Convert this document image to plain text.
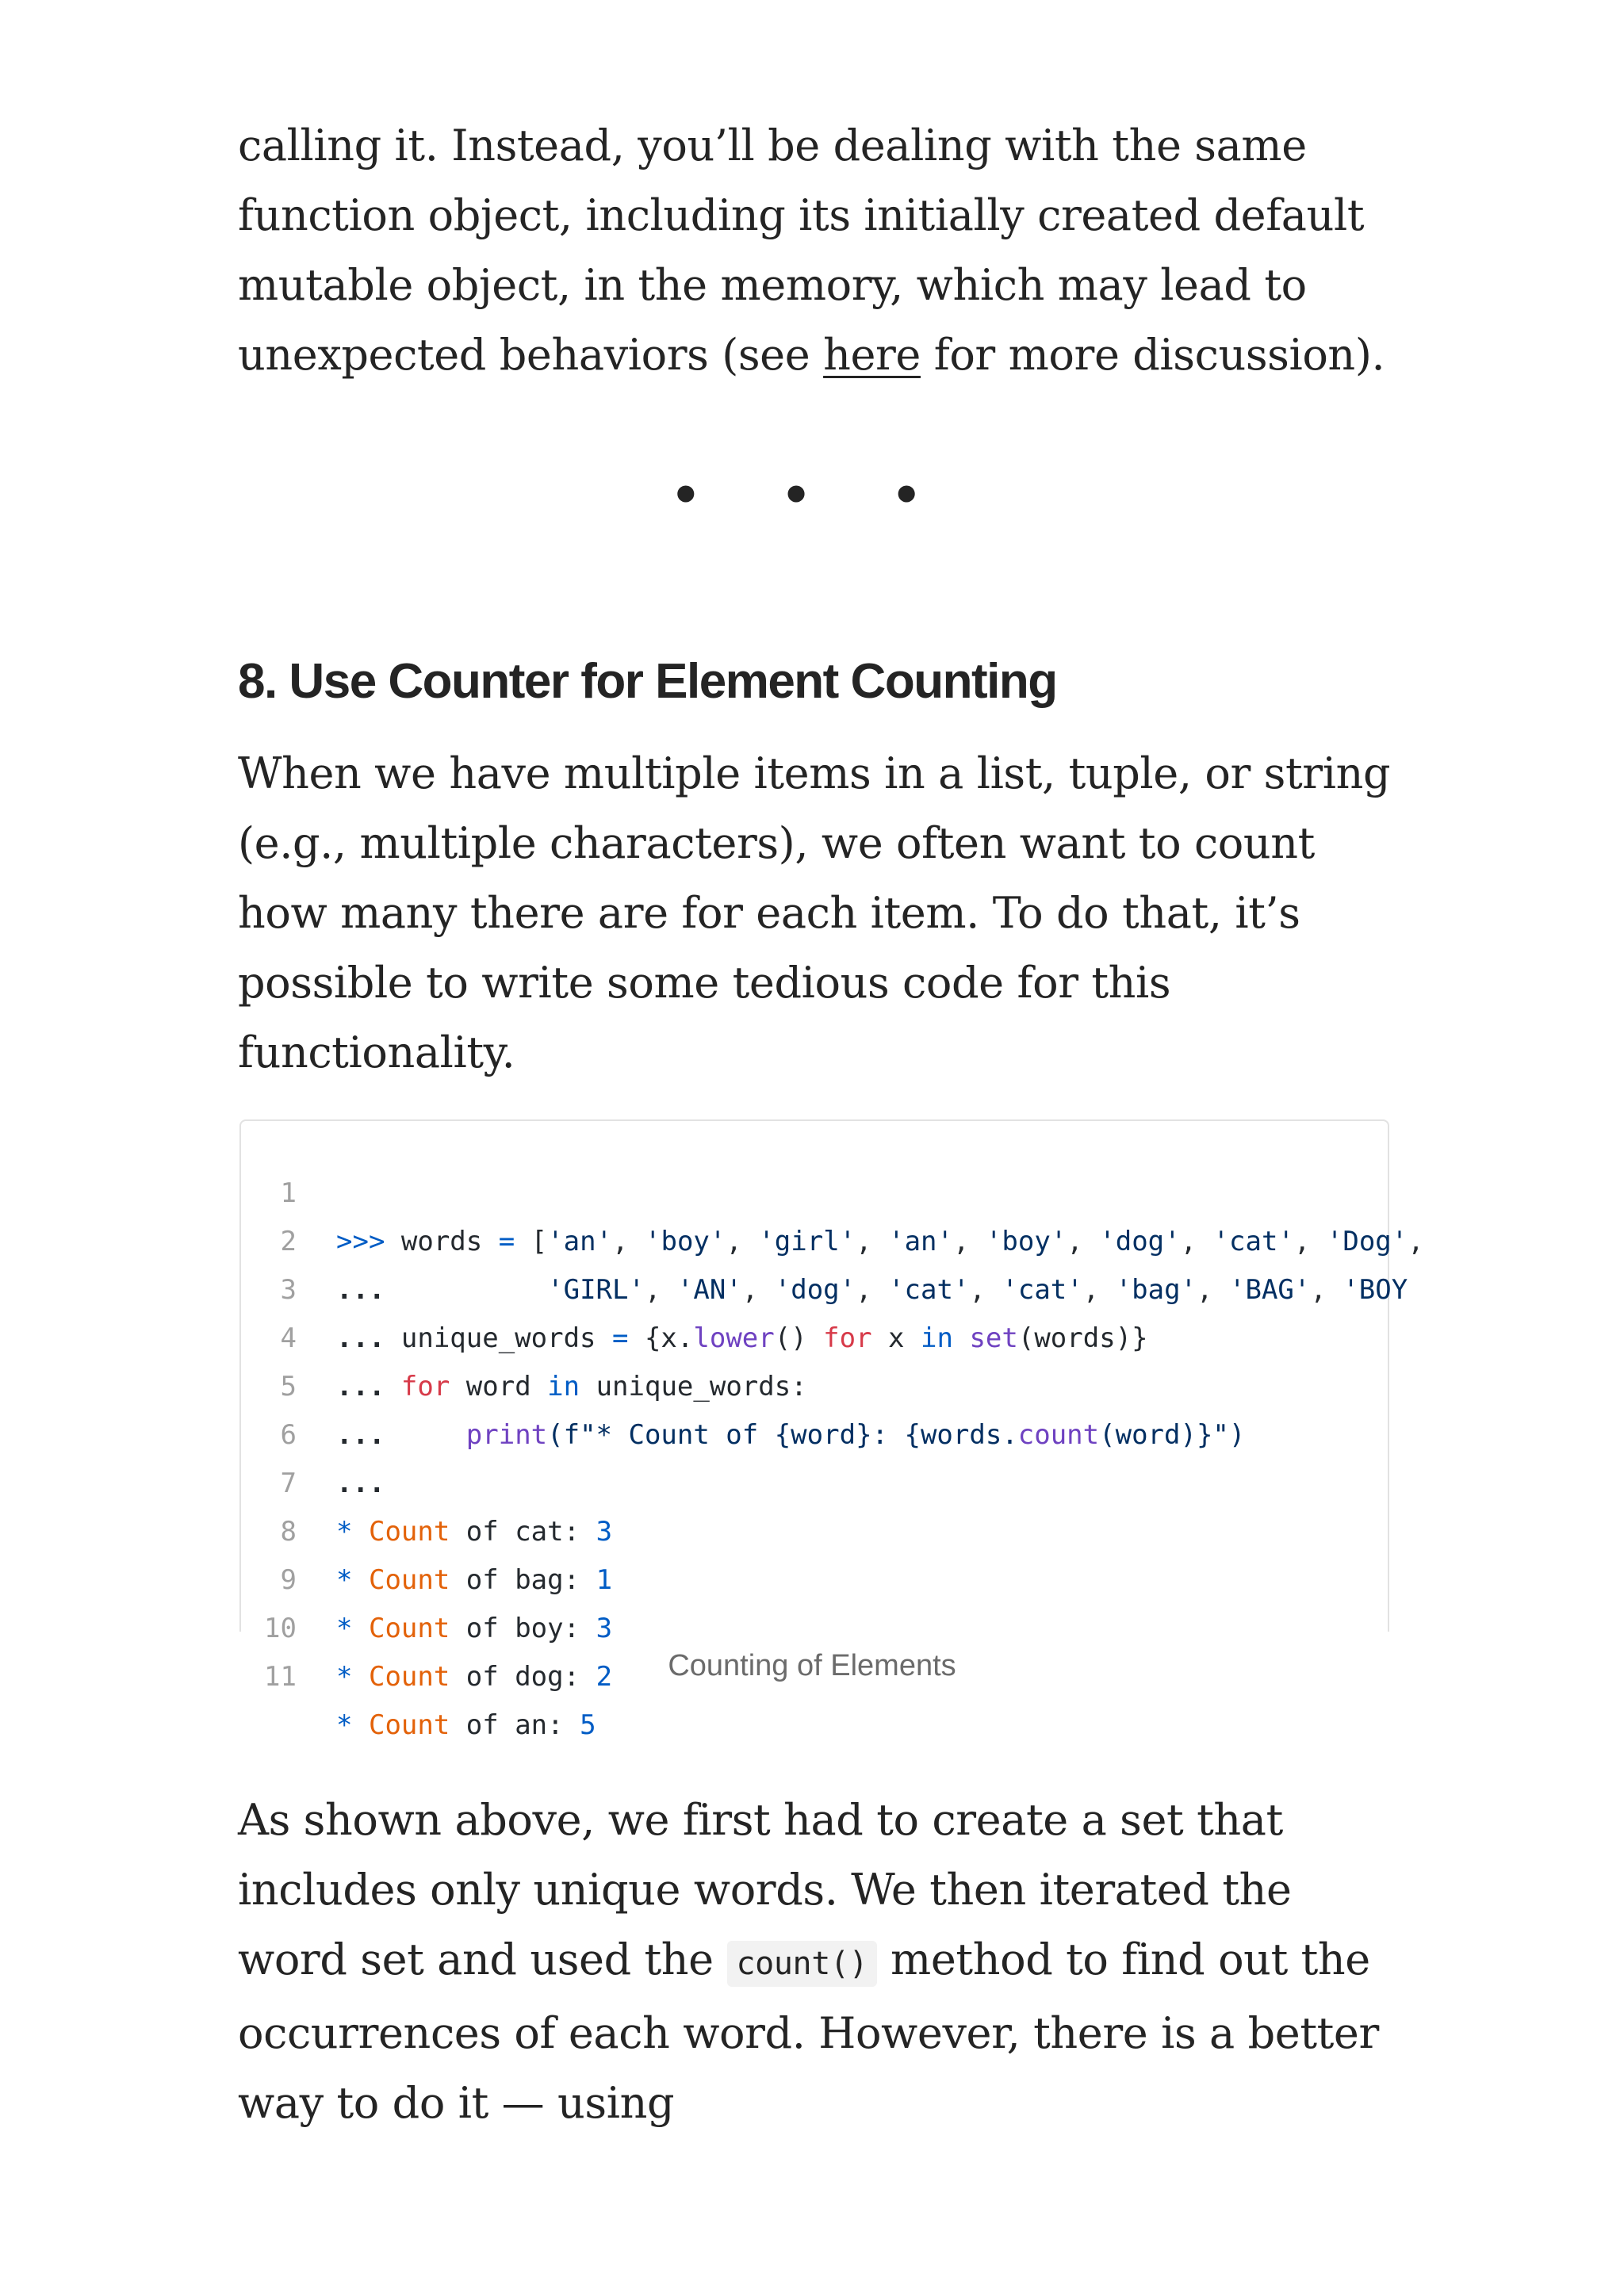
calling it. Instead, you’ll be dealing with the same function object, including its initially created default mutable object, in the memory, which may lead to unexpected behaviors (see here for more discussion).

• • •
8. Use Counter for Element Counting

When we have multiple items in a list, tuple, or string (e.g., multiple characters), we often want to count how many there are for each item. To do that, it’s possible to write some tedious code for this functionality.

1

>>> words = ['an', 'boy', 'girl', 'an', 'boy', 'dog', 'cat', 'Dog',

2

...	'GIRL', 'AN', 'dog', 'cat', 'cat', 'bag', 'BAG', 'BOY

3

... unique_words = {x.lower() for x in set(words)}

4

... for word in unique_words:

5

...	print(f"* Count of {word}: {words.count(word)}")

6

...

7

* Count of cat: 3

8

* Count of bag: 1

9

* Count of boy: 3

10

* Count of dog: 2

11

* Count of an: 5

Counting of Elements

As shown above, we first had to create a set that includes only unique words. We then iterated the word set and used the count() method to find out the occurrences of each word. However, there is a better way to do it — using
